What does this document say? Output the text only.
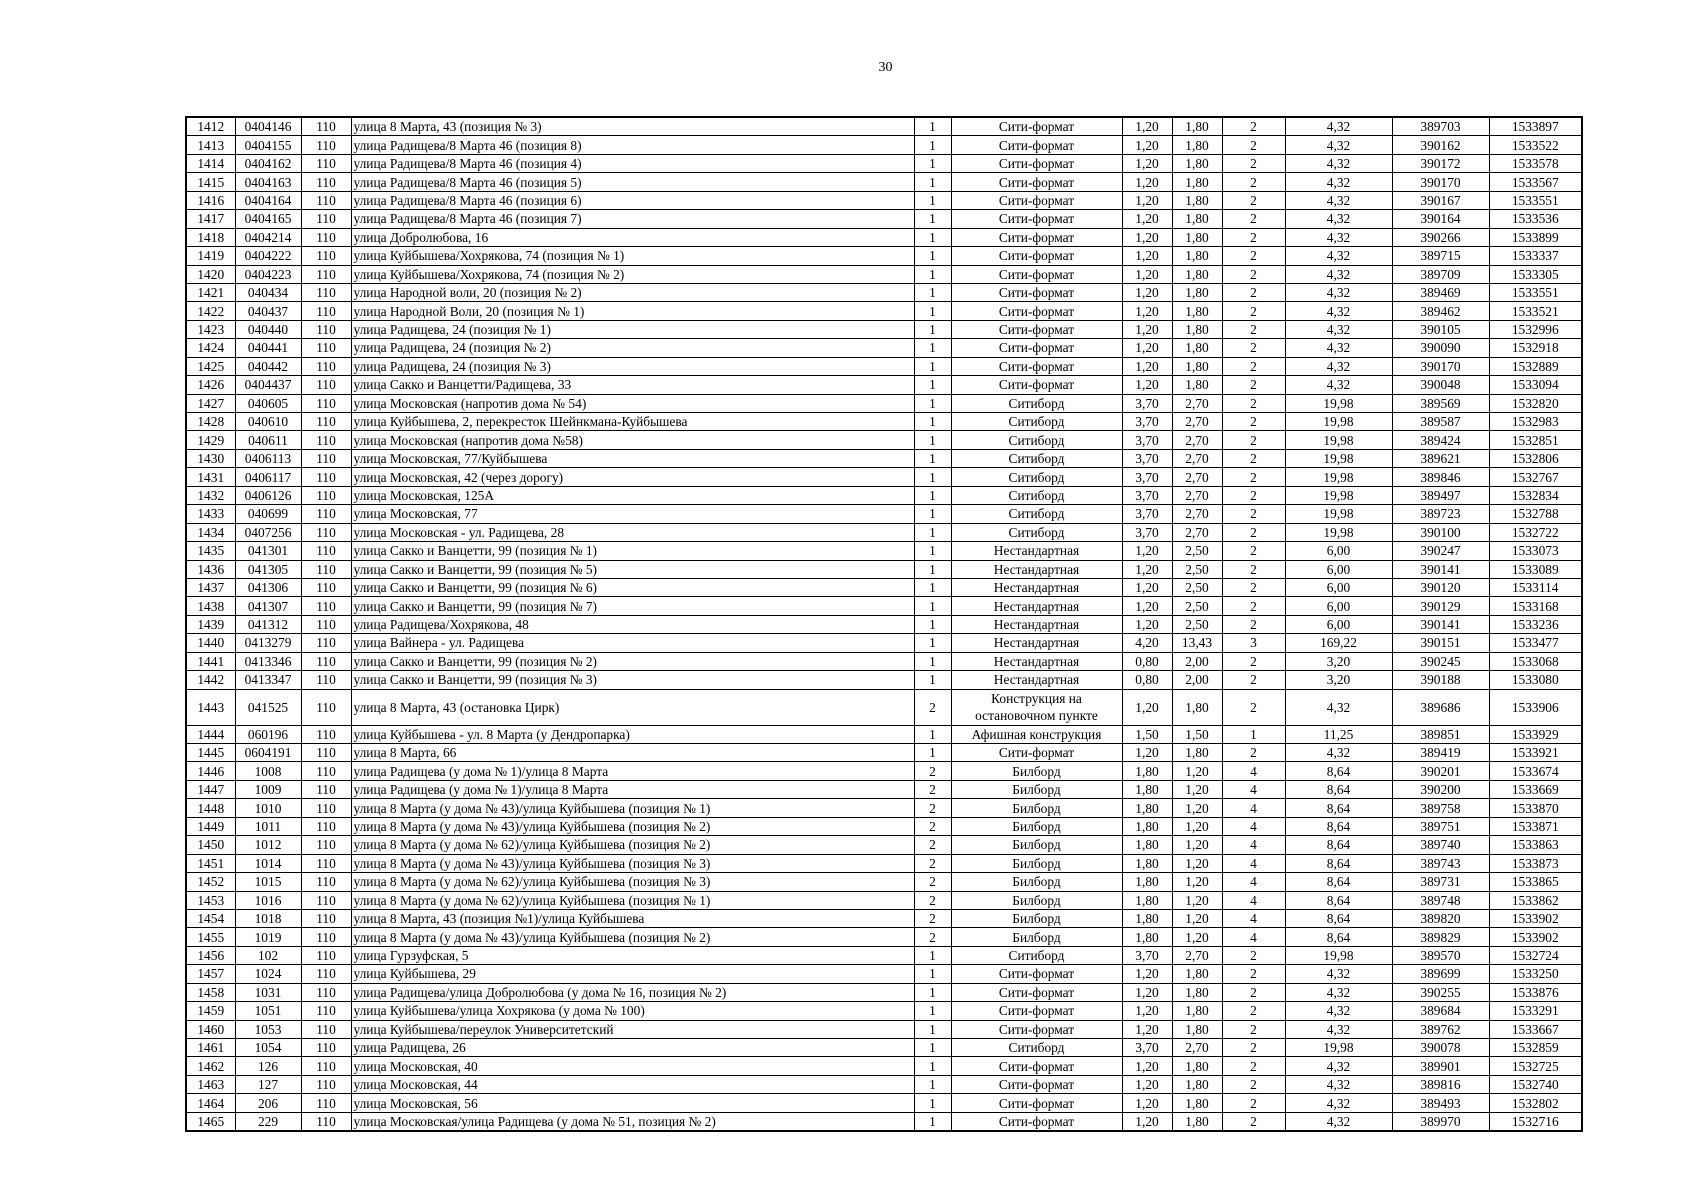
30
1412	0404146	110	улица 8 Марта, 43 (позиция № 3)	1	Сити-формат	1,20	1,80	2	4,32	389703	1533897
1413	0404155	110	улица Радищева/8 Марта 46 (позиция 8)	1	Сити-формат	1,20	1,80	2	4,32	390162	1533522
1414	0404162	110	улица Радищева/8 Марта 46 (позиция 4)	1	Сити-формат	1,20	1,80	2	4,32	390172	1533578
1415	0404163	110	улица Радищева/8 Марта 46 (позиция 5)	1	Сити-формат	1,20	1,80	2	4,32	390170	1533567
1416	0404164	110	улица Радищева/8 Марта 46 (позиция 6)	1	Сити-формат	1,20	1,80	2	4,32	390167	1533551
1417	0404165	110	улица Радищева/8 Марта 46 (позиция 7)	1	Сити-формат	1,20	1,80	2	4,32	390164	1533536
1418	0404214	110	улица Добролюбова, 16	1	Сити-формат	1,20	1,80	2	4,32	390266	1533899
1419	0404222	110	улица Куйбышева/Хохрякова, 74 (позиция № 1)	1	Сити-формат	1,20	1,80	2	4,32	389715	1533337
1420	0404223	110	улица Куйбышева/Хохрякова, 74 (позиция № 2)	1	Сити-формат	1,20	1,80	2	4,32	389709	1533305
1421	040434	110	улица Народной воли, 20 (позиция № 2)	1	Сити-формат	1,20	1,80	2	4,32	389469	1533551
1422	040437	110	улица Народной Воли, 20 (позиция № 1)	1	Сити-формат	1,20	1,80	2	4,32	389462	1533521
1423	040440	110	улица Радищева, 24 (позиция № 1)	1	Сити-формат	1,20	1,80	2	4,32	390105	1532996
1424	040441	110	улица Радищева, 24 (позиция № 2)	1	Сити-формат	1,20	1,80	2	4,32	390090	1532918
1425	040442	110	улица Радищева, 24 (позиция № 3)	1	Сити-формат	1,20	1,80	2	4,32	390170	1532889
1426	0404437	110	улица Сакко и Ванцетти/Радищева, 33	1	Сити-формат	1,20	1,80	2	4,32	390048	1533094
1427	040605	110	улица Московская (напротив дома № 54)	1	Ситиборд	3,70	2,70	2	19,98	389569	1532820
1428	040610	110	улица Куйбышева, 2, перекресток Шейнкмана-Куйбышева	1	Ситиборд	3,70	2,70	2	19,98	389587	1532983
1429	040611	110	улица Московская (напротив дома №58)	1	Ситиборд	3,70	2,70	2	19,98	389424	1532851
1430	0406113	110	улица Московская, 77/Куйбышева	1	Ситиборд	3,70	2,70	2	19,98	389621	1532806
1431	0406117	110	улица Московская, 42 (через дорогу)	1	Ситиборд	3,70	2,70	2	19,98	389846	1532767
1432	0406126	110	улица Московская, 125А	1	Ситиборд	3,70	2,70	2	19,98	389497	1532834
1433	040699	110	улица Московская, 77	1	Ситиборд	3,70	2,70	2	19,98	389723	1532788
1434	0407256	110	улица Московская - ул. Радищева, 28	1	Ситиборд	3,70	2,70	2	19,98	390100	1532722
1435	041301	110	улица Сакко и Ванцетти, 99 (позиция № 1)	1	Нестандартная	1,20	2,50	2	6,00	390247	1533073
1436	041305	110	улица Сакко и Ванцетти, 99 (позиция № 5)	1	Нестандартная	1,20	2,50	2	6,00	390141	1533089
1437	041306	110	улица Сакко и Ванцетти, 99 (позиция № 6)	1	Нестандартная	1,20	2,50	2	6,00	390120	1533114
1438	041307	110	улица Сакко и Ванцетти, 99 (позиция № 7)	1	Нестандартная	1,20	2,50	2	6,00	390129	1533168
1439	041312	110	улица Радищева/Хохрякова, 48	1	Нестандартная	1,20	2,50	2	6,00	390141	1533236
1440	0413279	110	улица Вайнера - ул. Радищева	1	Нестандартная	4,20	13,43	3	169,22	390151	1533477
1441	0413346	110	улица Сакко и Ванцетти, 99 (позиция № 2)	1	Нестандартная	0,80	2,00	2	3,20	390245	1533068
1442	0413347	110	улица Сакко и Ванцетти, 99 (позиция № 3)	1	Нестандартная	0,80	2,00	2	3,20	390188	1533080
1443	041525	110	улица 8 Марта, 43 (остановка Цирк)	2	Конструкция на остановочном пункте	1,20	1,80	2	4,32	389686	1533906
1444	060196	110	улица Куйбышева - ул. 8 Марта (у Дендропарка)	1	Афишная конструкция	1,50	1,50	1	11,25	389851	1533929
1445	0604191	110	улица 8 Марта, 66	1	Сити-формат	1,20	1,80	2	4,32	389419	1533921
1446	1008	110	улица Радищева (у дома № 1)/улица 8 Марта	2	Билборд	1,80	1,20	4	8,64	390201	1533674
1447	1009	110	улица Радищева (у дома № 1)/улица 8 Марта	2	Билборд	1,80	1,20	4	8,64	390200	1533669
1448	1010	110	улица 8 Марта (у дома № 43)/улица Куйбышева (позиция № 1)	2	Билборд	1,80	1,20	4	8,64	389758	1533870
1449	1011	110	улица 8 Марта (у дома № 43)/улица Куйбышева (позиция № 2)	2	Билборд	1,80	1,20	4	8,64	389751	1533871
1450	1012	110	улица 8 Марта (у дома № 62)/улица Куйбышева (позиция № 2)	2	Билборд	1,80	1,20	4	8,64	389740	1533863
1451	1014	110	улица 8 Марта (у дома № 43)/улица Куйбышева (позиция № 3)	2	Билборд	1,80	1,20	4	8,64	389743	1533873
1452	1015	110	улица 8 Марта (у дома № 62)/улица Куйбышева (позиция № 3)	2	Билборд	1,80	1,20	4	8,64	389731	1533865
1453	1016	110	улица 8 Марта (у дома № 62)/улица Куйбышева (позиция № 1)	2	Билборд	1,80	1,20	4	8,64	389748	1533862
1454	1018	110	улица 8 Марта, 43 (позиция №1)/улица Куйбышева	2	Билборд	1,80	1,20	4	8,64	389820	1533902
1455	1019	110	улица 8 Марта (у дома № 43)/улица Куйбышева (позиция № 2)	2	Билборд	1,80	1,20	4	8,64	389829	1533902
1456	102	110	улица Гурзуфская, 5	1	Ситиборд	3,70	2,70	2	19,98	389570	1532724
1457	1024	110	улица Куйбышева, 29	1	Сити-формат	1,20	1,80	2	4,32	389699	1533250
1458	1031	110	улица Радищева/улица Добролюбова (у дома № 16, позиция № 2)	1	Сити-формат	1,20	1,80	2	4,32	390255	1533876
1459	1051	110	улица Куйбышева/улица Хохрякова (у дома № 100)	1	Сити-формат	1,20	1,80	2	4,32	389684	1533291
1460	1053	110	улица Куйбышева/переулок Университетский	1	Сити-формат	1,20	1,80	2	4,32	389762	1533667
1461	1054	110	улица Радищева, 26	1	Ситиборд	3,70	2,70	2	19,98	390078	1532859
1462	126	110	улица Московская, 40	1	Сити-формат	1,20	1,80	2	4,32	389901	1532725
1463	127	110	улица Московская, 44	1	Сити-формат	1,20	1,80	2	4,32	389816	1532740
1464	206	110	улица Московская, 56	1	Сити-формат	1,20	1,80	2	4,32	389493	1532802
1465	229	110	улица Московская/улица Радищева (у дома № 51, позиция № 2)	1	Сити-формат	1,20	1,80	2	4,32	389970	1532716
